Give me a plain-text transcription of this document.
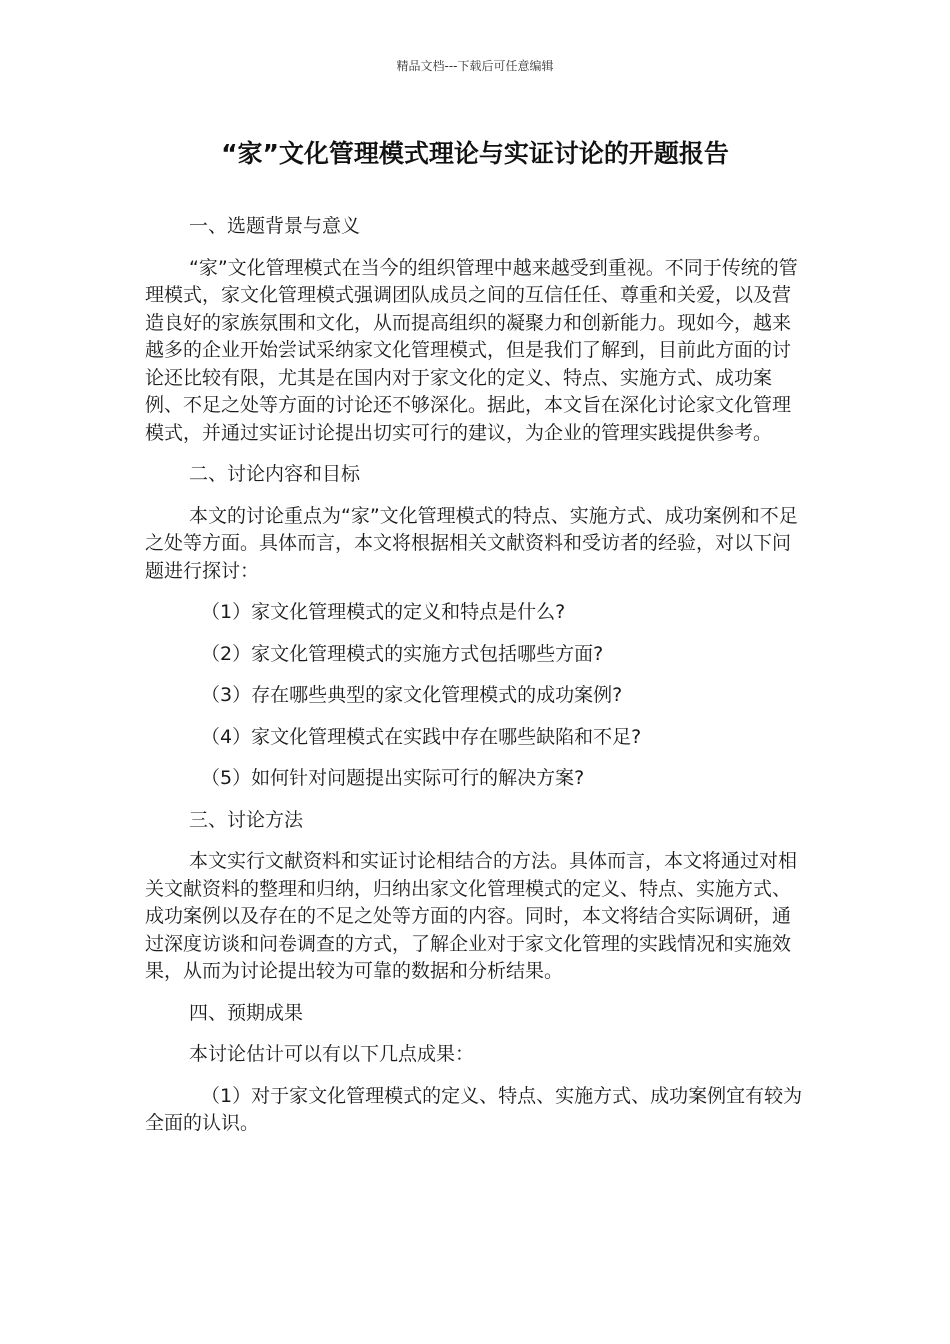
精品文档---下载后可任意编辑
“家”文化管理模式理论与实证讨论的开题报告

一、选题背景与意义

“家”文化管理模式在当今的组织管理中越来越受到重视。不同于传统的管理模式，家文化管理模式强调团队成员之间的互信任任、尊重和关爱，以及营造良好的家族氛围和文化，从而提高组织的凝聚力和创新能力。现如今，越来越多的企业开始尝试采纳家文化管理模式，但是我们了解到，目前此方面的讨论还比较有限，尤其是在国内对于家文化的定义、特点、实施方式、成功案例、不足之处等方面的讨论还不够深化。据此，本文旨在深化讨论家文化管理模式，并通过实证讨论提出切实可行的建议，为企业的管理实践提供参考。

二、讨论内容和目标

本文的讨论重点为“家”文化管理模式的特点、实施方式、成功案例和不足之处等方面。具体而言，本文将根据相关文献资料和受访者的经验，对以下问题进行探讨：

（1）家文化管理模式的定义和特点是什么?

（2）家文化管理模式的实施方式包括哪些方面?

（3）存在哪些典型的家文化管理模式的成功案例?

（4）家文化管理模式在实践中存在哪些缺陷和不足?

（5）如何针对问题提出实际可行的解决方案?

三、讨论方法

本文实行文献资料和实证讨论相结合的方法。具体而言，本文将通过对相关文献资料的整理和归纳，归纳出家文化管理模式的定义、特点、实施方式、成功案例以及存在的不足之处等方面的内容。同时，本文将结合实际调研，通过深度访谈和问卷调查的方式，了解企业对于家文化管理的实践情况和实施效果，从而为讨论提出较为可靠的数据和分析结果。

四、预期成果

本讨论估计可以有以下几点成果：

（1）对于家文化管理模式的定义、特点、实施方式、成功案例宜有较为全面的认识。
